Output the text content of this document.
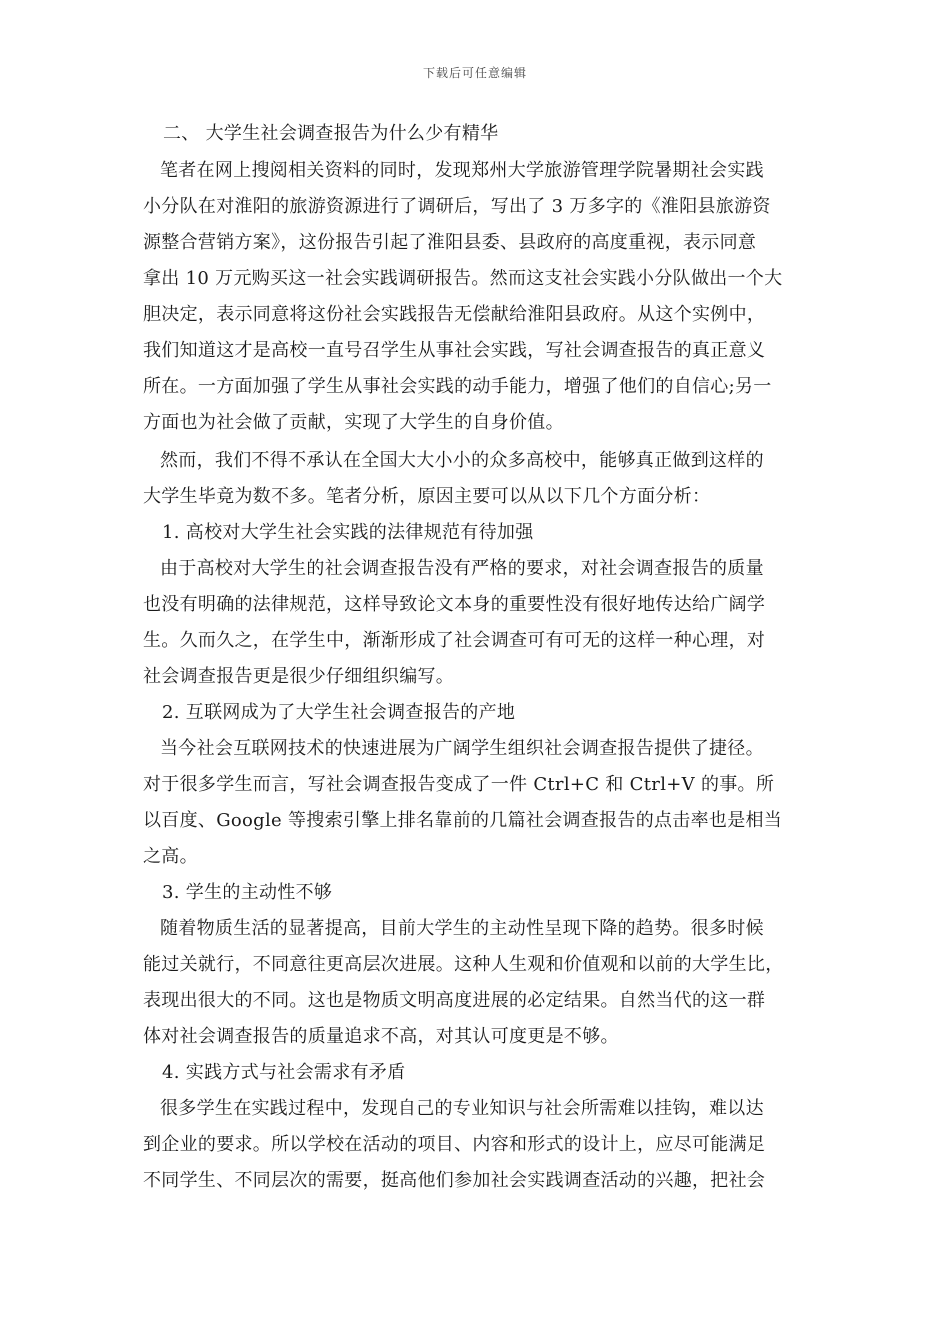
下载后可任意编辑
二、 大学生社会调查报告为什么少有精华
笔者在网上搜阅相关资料的同时，发现郑州大学旅游管理学院暑期社会实践
小分队在对淮阳的旅游资源进行了调研后，写出了 3 万多字的《淮阳县旅游资
源整合营销方案》，这份报告引起了淮阳县委、县政府的高度重视，表示同意
拿出 10 万元购买这一社会实践调研报告。然而这支社会实践小分队做出一个大
胆决定，表示同意将这份社会实践报告无偿献给淮阳县政府。从这个实例中，
我们知道这才是高校一直号召学生从事社会实践，写社会调查报告的真正意义
所在。一方面加强了学生从事社会实践的动手能力，增强了他们的自信心;另一
方面也为社会做了贡献，实现了大学生的自身价值。
然而，我们不得不承认在全国大大小小的众多高校中，能够真正做到这样的
大学生毕竟为数不多。笔者分析，原因主要可以从以下几个方面分析：
1. 高校对大学生社会实践的法律规范有待加强
由于高校对大学生的社会调查报告没有严格的要求，对社会调查报告的质量
也没有明确的法律规范，这样导致论文本身的重要性没有很好地传达给广阔学
生。久而久之，在学生中，渐渐形成了社会调查可有可无的这样一种心理，对
社会调查报告更是很少仔细组织编写。
2. 互联网成为了大学生社会调查报告的产地
当今社会互联网技术的快速进展为广阔学生组织社会调查报告提供了捷径。
对于很多学生而言，写社会调查报告变成了一件 Ctrl+C 和 Ctrl+V 的事。所
以百度、Google 等搜索引擎上排名靠前的几篇社会调查报告的点击率也是相当
之高。
3. 学生的主动性不够
随着物质生活的显著提高，目前大学生的主动性呈现下降的趋势。很多时候
能过关就行，不同意往更高层次进展。这种人生观和价值观和以前的大学生比，
表现出很大的不同。这也是物质文明高度进展的必定结果。自然当代的这一群
体对社会调查报告的质量追求不高，对其认可度更是不够。
4. 实践方式与社会需求有矛盾
很多学生在实践过程中，发现自己的专业知识与社会所需难以挂钩，难以达
到企业的要求。所以学校在活动的项目、内容和形式的设计上，应尽可能满足
不同学生、不同层次的需要，挺高他们参加社会实践调查活动的兴趣，把社会
